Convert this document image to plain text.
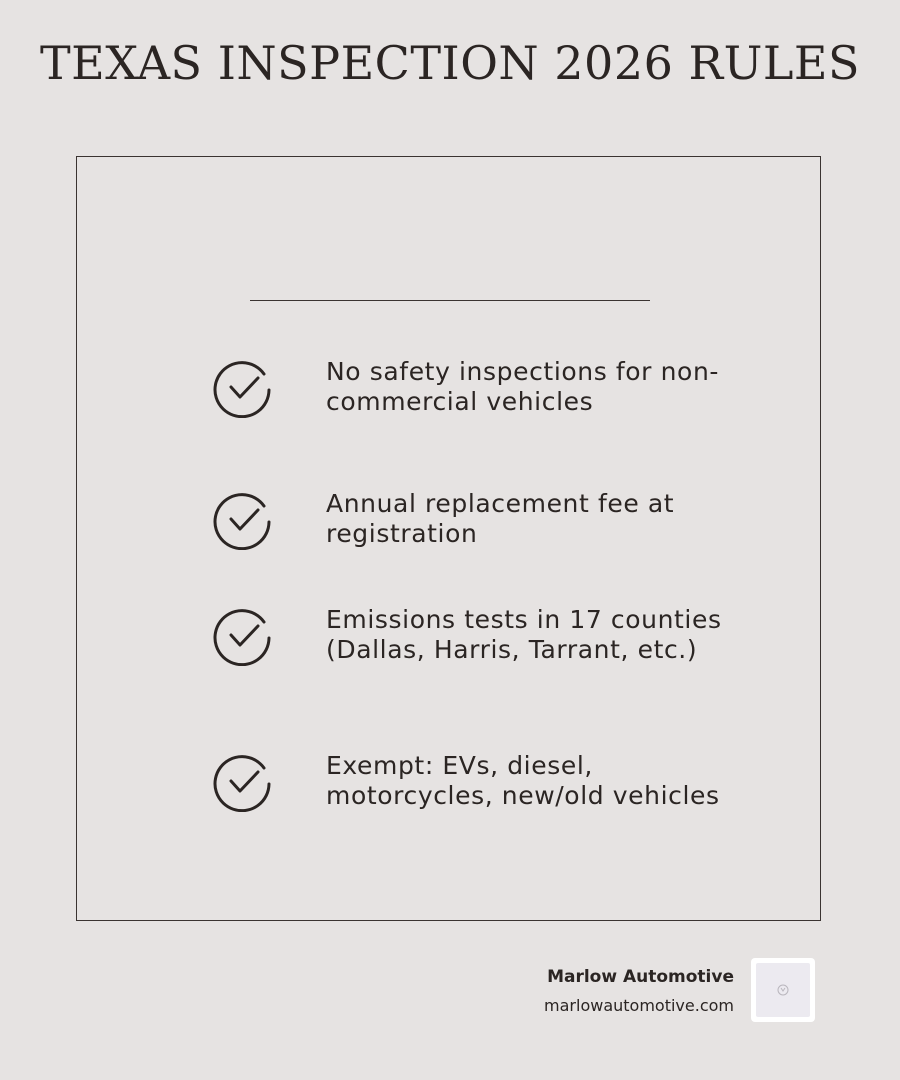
TEXAS INSPECTION 2026 RULES
No safety inspections for non-commercial vehicles
Annual replacement fee at registration
Emissions tests in 17 counties (Dallas, Harris, Tarrant, etc.)
Exempt: EVs, diesel, motorcycles, new/old vehicles
Marlow Automotive
marlowautomotive.com
